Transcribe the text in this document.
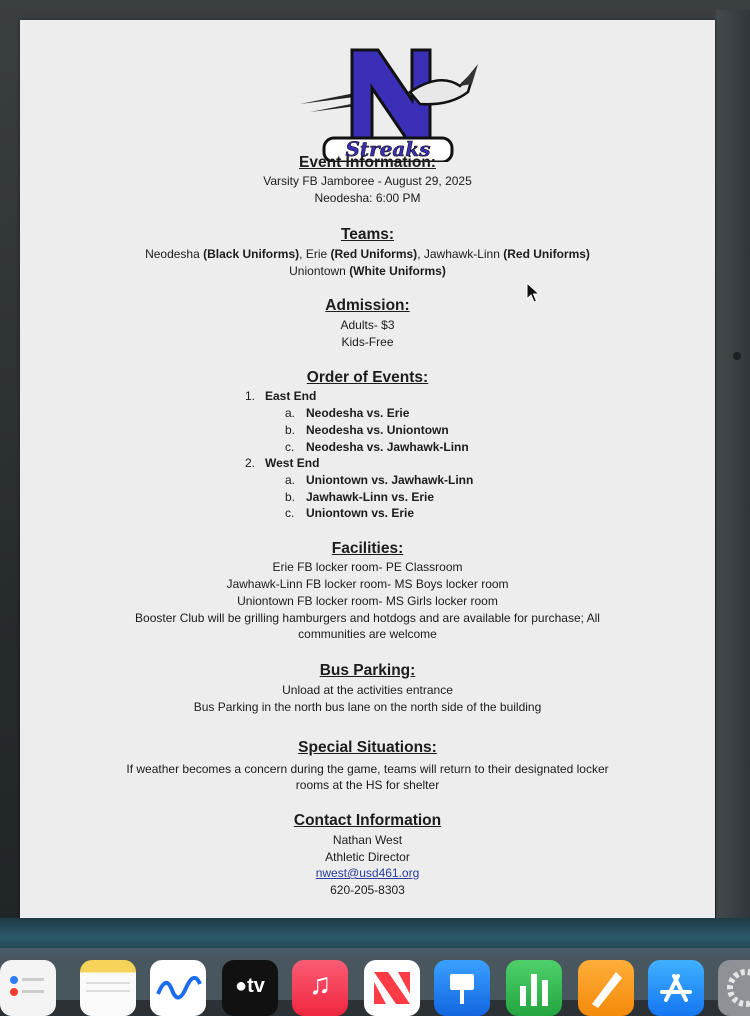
Streaks
Event Information:
Varsity FB Jamboree - August 29, 2025
Neodesha: 6:00 PM
Teams:
Neodesha (Black Uniforms), Erie (Red Uniforms), Jawhawk-Linn (Red Uniforms)
Uniontown (White Uniforms)
Admission:
Adults- $3
Kids-Free
Order of Events:
1. East End
a. Neodesha vs. Erie
b. Neodesha vs. Uniontown
c. Neodesha vs. Jawhawk-Linn
2. West End
a. Uniontown vs. Jawhawk-Linn
b. Jawhawk-Linn vs. Erie
c. Uniontown vs. Erie
Facilities:
Erie FB locker room- PE Classroom
Jawhawk-Linn FB locker room- MS Boys locker room
Uniontown FB locker room- MS Girls locker room
Booster Club will be grilling hamburgers and hotdogs and are available for purchase; All
communities are welcome
Bus Parking:
Unload at the activities entrance
Bus Parking in the north bus lane on the north side of the building
Special Situations:
If weather becomes a concern during the game, teams will return to their designated locker
rooms at the HS for shelter
Contact Information
Nathan West
Athletic Director
nwest@usd461.org
620-205-8303
●tv	♫
